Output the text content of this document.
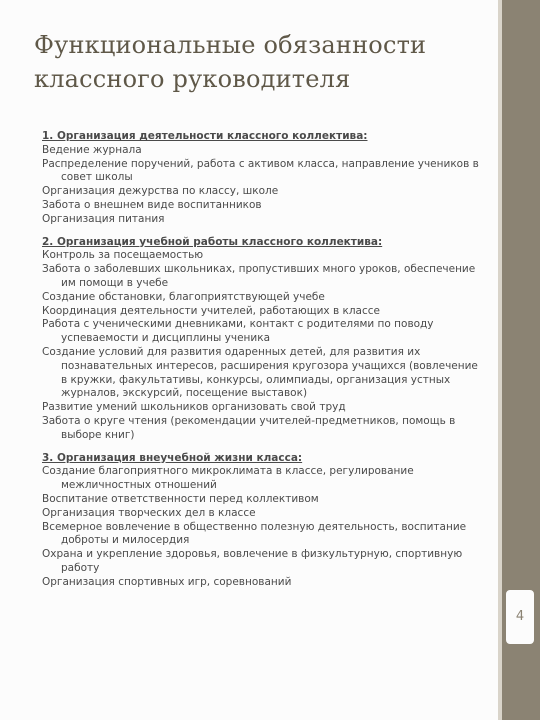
Функциональные обязанности
классного руководителя
1. Организация деятельности классного коллектива:
Ведение журнала
Распределение поручений, работа с активом класса, направление учеников в совет школы
Организация дежурства по классу, школе
Забота о внешнем виде воспитанников
Организация питания
2. Организация учебной работы классного коллектива:
Контроль за посещаемостью
Забота о заболевших школьниках, пропустивших много уроков, обеспечение им помощи в учебе
Создание обстановки, благоприятствующей учебе
Координация деятельности учителей, работающих в классе
Работа с ученическими дневниками, контакт с родителями по поводу успеваемости и дисциплины ученика
Создание условий для развития одаренных детей, для развития их познавательных интересов, расширения кругозора учащихся (вовлечение в кружки, факультативы, конкурсы, олимпиады, организация устных журналов, экскурсий, посещение выставок)
Развитие умений школьников организовать свой труд
Забота о круге чтения (рекомендации учителей-предметников, помощь в выборе книг)
3. Организация внеучебной жизни класса:
Создание благоприятного микроклимата в классе, регулирование межличностных отношений
Воспитание ответственности перед коллективом
Организация творческих дел в классе
Всемерное вовлечение в общественно полезную деятельность, воспитание доброты и милосердия
Охрана и укрепление здоровья, вовлечение в физкультурную, спортивную работу
Организация спортивных игр, соревнований
4
